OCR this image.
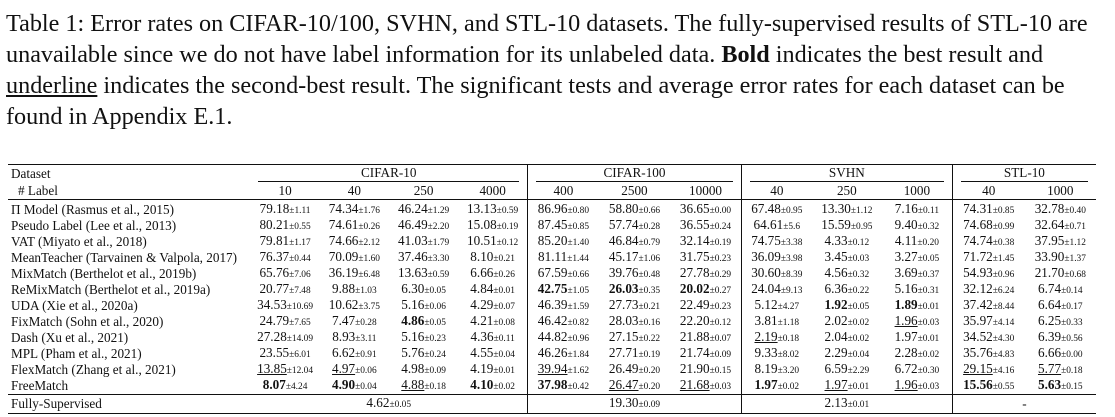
Table 1: Error rates on CIFAR-10/100, SVHN, and STL-10 datasets. The fully-supervised results of STL-10 are unavailable since we do not have label information for its unlabeled data. Bold indicates the best result and underline indicates the second-best result. The significant tests and average error rates for each dataset can be found in Appendix E.1.
Dataset	CIFAR-10				CIFAR-100			SVHN			STL-10	

# Label	10	40	250	4000	400	2500	10000	40	250	1000	40	1000
Π Model (Rasmus et al., 2015)	79.18±1.11	74.34±1.76	46.24±1.29	13.13±0.59	86.96±0.80	58.80±0.66	36.65±0.00	67.48±0.95	13.30±1.12	7.16±0.11	74.31±0.85	32.78±0.40
Pseudo Label (Lee et al., 2013)	80.21±0.55	74.61±0.26	46.49±2.20	15.08±0.19	87.45±0.85	57.74±0.28	36.55±0.24	64.61±5.6	15.59±0.95	9.40±0.32	74.68±0.99	32.64±0.71
VAT (Miyato et al., 2018)	79.81±1.17	74.66±2.12	41.03±1.79	10.51±0.12	85.20±1.40	46.84±0.79	32.14±0.19	74.75±3.38	4.33±0.12	4.11±0.20	74.74±0.38	37.95±1.12
MeanTeacher (Tarvainen & Valpola, 2017)	76.37±0.44	70.09±1.60	37.46±3.30	8.10±0.21	81.11±1.44	45.17±1.06	31.75±0.23	36.09±3.98	3.45±0.03	3.27±0.05	71.72±1.45	33.90±1.37
MixMatch (Berthelot et al., 2019b)	65.76±7.06	36.19±6.48	13.63±0.59	6.66±0.26	67.59±0.66	39.76±0.48	27.78±0.29	30.60±8.39	4.56±0.32	3.69±0.37	54.93±0.96	21.70±0.68
ReMixMatch (Berthelot et al., 2019a)	20.77±7.48	9.88±1.03	6.30±0.05	4.84±0.01	42.75±1.05	26.03±0.35	20.02±0.27	24.04±9.13	6.36±0.22	5.16±0.31	32.12±6.24	6.74±0.14
UDA (Xie et al., 2020a)	34.53±10.69	10.62±3.75	5.16±0.06	4.29±0.07	46.39±1.59	27.73±0.21	22.49±0.23	5.12±4.27	1.92±0.05	1.89±0.01	37.42±8.44	6.64±0.17
FixMatch (Sohn et al., 2020)	24.79±7.65	7.47±0.28	4.86±0.05	4.21±0.08	46.42±0.82	28.03±0.16	22.20±0.12	3.81±1.18	2.02±0.02	1.96±0.03	35.97±4.14	6.25±0.33
Dash (Xu et al., 2021)	27.28±14.09	8.93±3.11	5.16±0.23	4.36±0.11	44.82±0.96	27.15±0.22	21.88±0.07	2.19±0.18	2.04±0.02	1.97±0.01	34.52±4.30	6.39±0.56
MPL (Pham et al., 2021)	23.55±6.01	6.62±0.91	5.76±0.24	4.55±0.04	46.26±1.84	27.71±0.19	21.74±0.09	9.33±8.02	2.29±0.04	2.28±0.02	35.76±4.83	6.66±0.00
FlexMatch (Zhang et al., 2021)	13.85±12.04	4.97±0.06	4.98±0.09	4.19±0.01	39.94±1.62	26.49±0.20	21.90±0.15	8.19±3.20	6.59±2.29	6.72±0.30	29.15±4.16	5.77±0.18
FreeMatch	8.07±4.24	4.90±0.04	4.88±0.18	4.10±0.02	37.98±0.42	26.47±0.20	21.68±0.03	1.97±0.02	1.97±0.01	1.96±0.03	15.56±0.55	5.63±0.15
Fully-Supervised	4.62±0.05				19.30±0.09			2.13±0.01			-	
